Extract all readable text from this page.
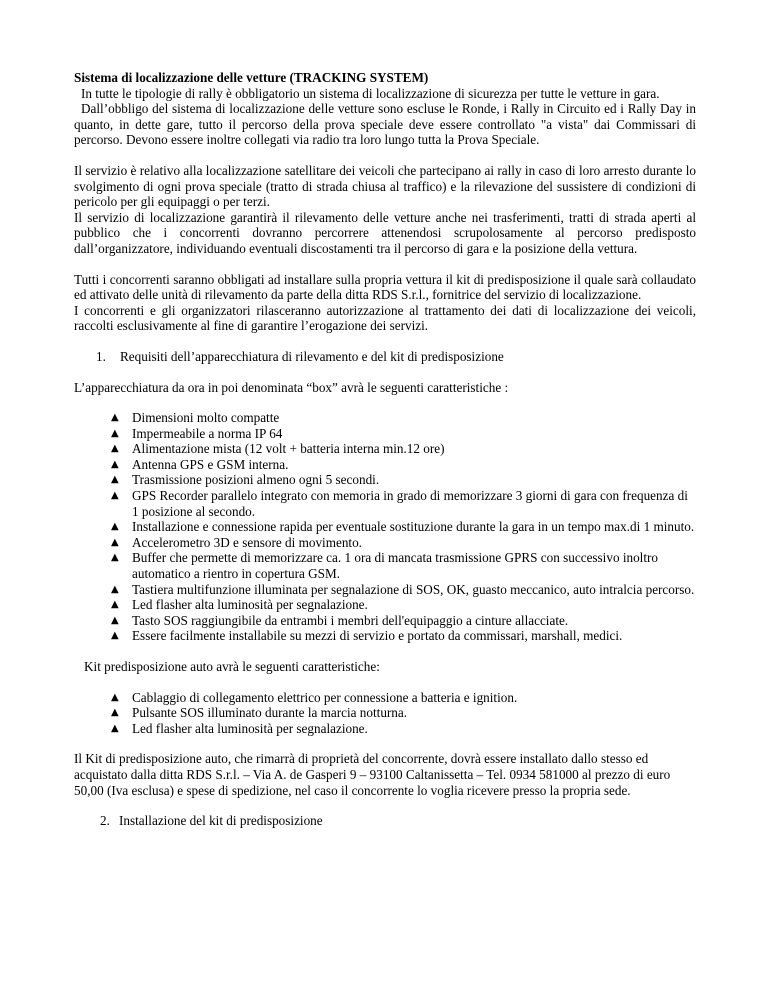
Sistema di localizzazione delle vetture (TRACKING SYSTEM)

In tutte le tipologie di rally è obbligatorio un sistema di localizzazione di sicurezza per tutte le vetture in gara.

Dall’obbligo del sistema di localizzazione delle vetture sono escluse le Ronde, i Rally in Circuito ed i Rally Day in quanto, in dette gare, tutto il percorso della prova speciale deve essere controllato "a vista" dai Commissari di percorso. Devono essere inoltre collegati via radio tra loro lungo tutta la Prova Speciale.

Il servizio è relativo alla localizzazione satellitare dei veicoli che partecipano ai rally in caso di loro arresto durante lo svolgimento di ogni prova speciale (tratto di strada chiusa al traffico) e la rilevazione del sussistere di condizioni di pericolo per gli equipaggi o per terzi.

Il servizio di localizzazione garantirà il rilevamento delle vetture anche nei trasferimenti, tratti di strada aperti al pubblico che i concorrenti dovranno percorrere attenendosi scrupolosamente al percorso predisposto dall’organizzatore, individuando eventuali discostamenti tra il percorso di gara e la posizione della vettura.

Tutti i concorrenti saranno obbligati ad installare sulla propria vettura il kit di predisposizione il quale sarà collaudato ed attivato delle unità di rilevamento da parte della ditta RDS S.r.l., fornitrice del servizio di localizzazione.

I concorrenti e gli organizzatori rilasceranno autorizzazione al trattamento dei dati di localizzazione dei veicoli, raccolti esclusivamente al fine di garantire l’erogazione dei servizi.

1.	Requisiti dell’apparecchiatura di rilevamento e del kit di predisposizione

L’apparecchiatura da ora in poi denominata “box” avrà le seguenti caratteristiche :

▲ Dimensioni molto compatte
▲ Impermeabile a norma IP 64
▲ Alimentazione mista (12 volt + batteria interna min.12 ore)
▲ Antenna GPS e GSM interna.
▲ Trasmissione posizioni almeno ogni 5 secondi.
▲ GPS Recorder parallelo integrato con memoria in grado di memorizzare 3 giorni di gara con frequenza di 1 posizione al secondo.
▲ Installazione e connessione rapida per eventuale sostituzione durante la gara in un tempo max.di 1 minuto.
▲ Accelerometro 3D e sensore di movimento.
▲ Buffer che permette di memorizzare ca. 1 ora di mancata trasmissione GPRS con successivo inoltro automatico a rientro in copertura GSM.
▲ Tastiera multifunzione illuminata per segnalazione di SOS, OK, guasto meccanico, auto intralcia percorso.
▲ Led flasher alta luminosità per segnalazione.
▲ Tasto SOS raggiungibile da entrambi i membri dell'equipaggio a cinture allacciate.
▲ Essere facilmente installabile su mezzi di servizio e portato da commissari, marshall, medici.

Kit predisposizione auto avrà le seguenti caratteristiche:

▲ Cablaggio di collegamento elettrico per connessione a batteria e ignition.
▲ Pulsante SOS illuminato durante la marcia notturna.
▲ Led flasher alta luminosità per segnalazione.

Il Kit di predisposizione auto, che rimarrà di proprietà del concorrente, dovrà essere installato dallo stesso ed acquistato dalla ditta RDS S.r.l. – Via A. de Gasperi 9 – 93100 Caltanissetta – Tel. 0934 581000 al prezzo di euro 50,00 (Iva esclusa) e spese di spedizione, nel caso il concorrente lo voglia ricevere presso la propria sede.

2. Installazione del kit di predisposizione
